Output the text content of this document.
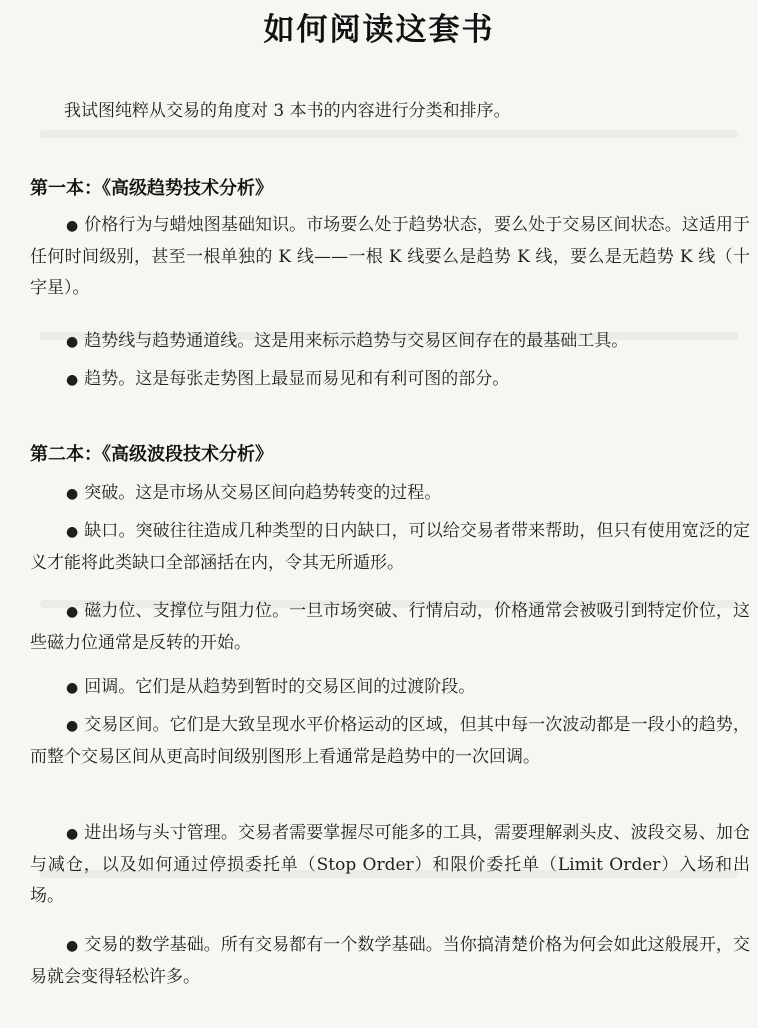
如何阅读这套书
我试图纯粹从交易的角度对 3 本书的内容进行分类和排序。
第一本：《高级趋势技术分析》

● 价格行为与蜡烛图基础知识。市场要么处于趋势状态，要么处于交易区间状态。这适用于任何时间级别，甚至一根单独的 K 线——一根 K 线要么是趋势 K 线，要么是无趋势 K 线（十字星）。

● 趋势线与趋势通道线。这是用来标示趋势与交易区间存在的最基础工具。

● 趋势。这是每张走势图上最显而易见和有利可图的部分。

第二本：《高级波段技术分析》

● 突破。这是市场从交易区间向趋势转变的过程。

● 缺口。突破往往造成几种类型的日内缺口，可以给交易者带来帮助，但只有使用宽泛的定义才能将此类缺口全部涵括在内，令其无所遁形。

● 磁力位、支撑位与阻力位。一旦市场突破、行情启动，价格通常会被吸引到特定价位，这些磁力位通常是反转的开始。

● 回调。它们是从趋势到暂时的交易区间的过渡阶段。

● 交易区间。它们是大致呈现水平价格运动的区域，但其中每一次波动都是一段小的趋势，而整个交易区间从更高时间级别图形上看通常是趋势中的一次回调。

● 进出场与头寸管理。交易者需要掌握尽可能多的工具，需要理解剥头皮、波段交易、加仓与减仓，以及如何通过停损委托单（Stop Order）和限价委托单（Limit Order）入场和出场。

● 交易的数学基础。所有交易都有一个数学基础。当你搞清楚价格为何会如此这般展开，交易就会变得轻松许多。
